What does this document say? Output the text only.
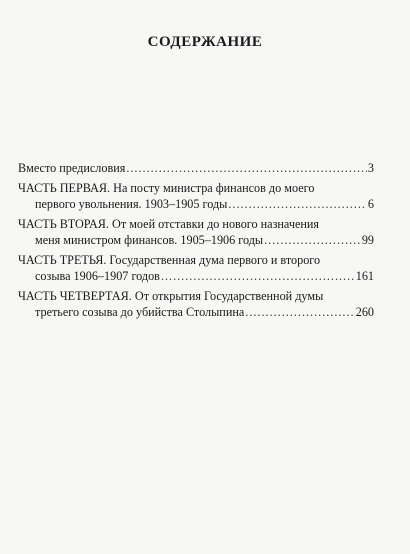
СОДЕРЖАНИЕ
Вместо предисловия .....	3
ЧАСТЬ ПЕРВАЯ. На посту министра финансов до моего
первого увольнения. 1903–1905 годы .....	6
ЧАСТЬ ВТОРАЯ. От моей отставки до нового назначения
меня министром финансов. 1905–1906 годы .....	99
ЧАСТЬ ТРЕТЬЯ. Государственная дума первого и второго
созыва 1906–1907 годов .....	161
ЧАСТЬ ЧЕТВЕРТАЯ. От открытия Государственной думы
третьего созыва до убийства Столыпина .....	260
